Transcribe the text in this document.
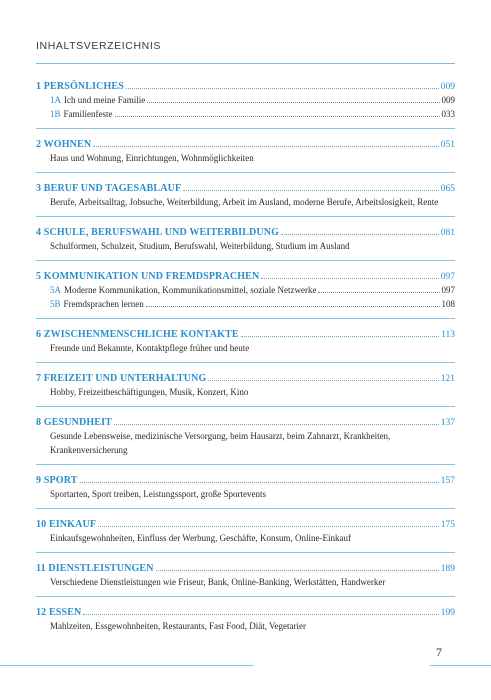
INHALTSVERZEICHNIS
1 PERSÖNLICHES	009
1A Ich und meine Familie	009
1B Familienfeste	033
2 WOHNEN	051
Haus und Wohnung, Einrichtungen, Wohnmöglichkeiten
3 BERUF UND TAGESABLAUF	065
Berufe, Arbeitsalltag, Jobsuche, Weiterbildung, Arbeit im Ausland, moderne Berufe, Arbeitslosigkeit, Rente
4 SCHULE, BERUFSWAHL UND WEITERBILDUNG	081
Schulformen, Schulzeit, Studium, Berufswahl, Weiterbildung, Studium im Ausland
5 KOMMUNIKATION UND FREMDSPRACHEN	097
5A Moderne Kommunikation, Kommunikationsmittel, soziale Netzwerke	097
5B Fremdsprachen lernen	108
6 ZWISCHENMENSCHLICHE KONTAKTE	113
Freunde und Bekannte, Kontaktpflege früher und heute
7 FREIZEIT UND UNTERHALTUNG	121
Hobby, Freizeitbeschäftigungen, Musik, Konzert, Kino
8 GESUNDHEIT	137
Gesunde Lebensweise, medizinische Versorgung, beim Hausarzt, beim Zahnarzt, Krankheiten, Krankenversicherung
9 SPORT	157
Sportarten, Sport treiben, Leistungssport, große Sportevents
10 EINKAUF	175
Einkaufsgewohnheiten, Einfluss der Werbung, Geschäfte, Konsum, Online-Einkauf
11 DIENSTLEISTUNGEN	189
Verschiedene Dienstleistungen wie Friseur, Bank, Online-Banking, Werkstätten, Handwerker
12 ESSEN	199
Mahlzeiten, Essgewohnheiten, Restaurants, Fast Food, Diät, Vegetarier
7
